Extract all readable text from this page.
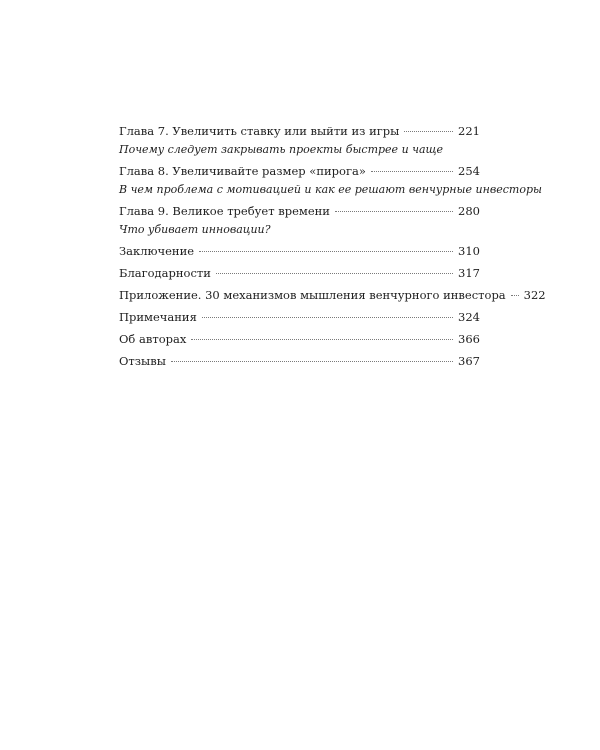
Глава 7. Увеличить ставку или выйти из игры	221
Почему следует закрывать проекты быстрее и чаще
Глава 8. Увеличивайте размер «пирога»	254
В чем проблема с мотивацией и как ее решают венчурные инвесторы
Глава 9. Великое требует времени	280
Что убивает инновации?
Заключение	310
Благодарности	317
Приложение. 30 механизмов мышления венчурного инвестора 322
Примечания	324
Об авторах	366
Отзывы	367
